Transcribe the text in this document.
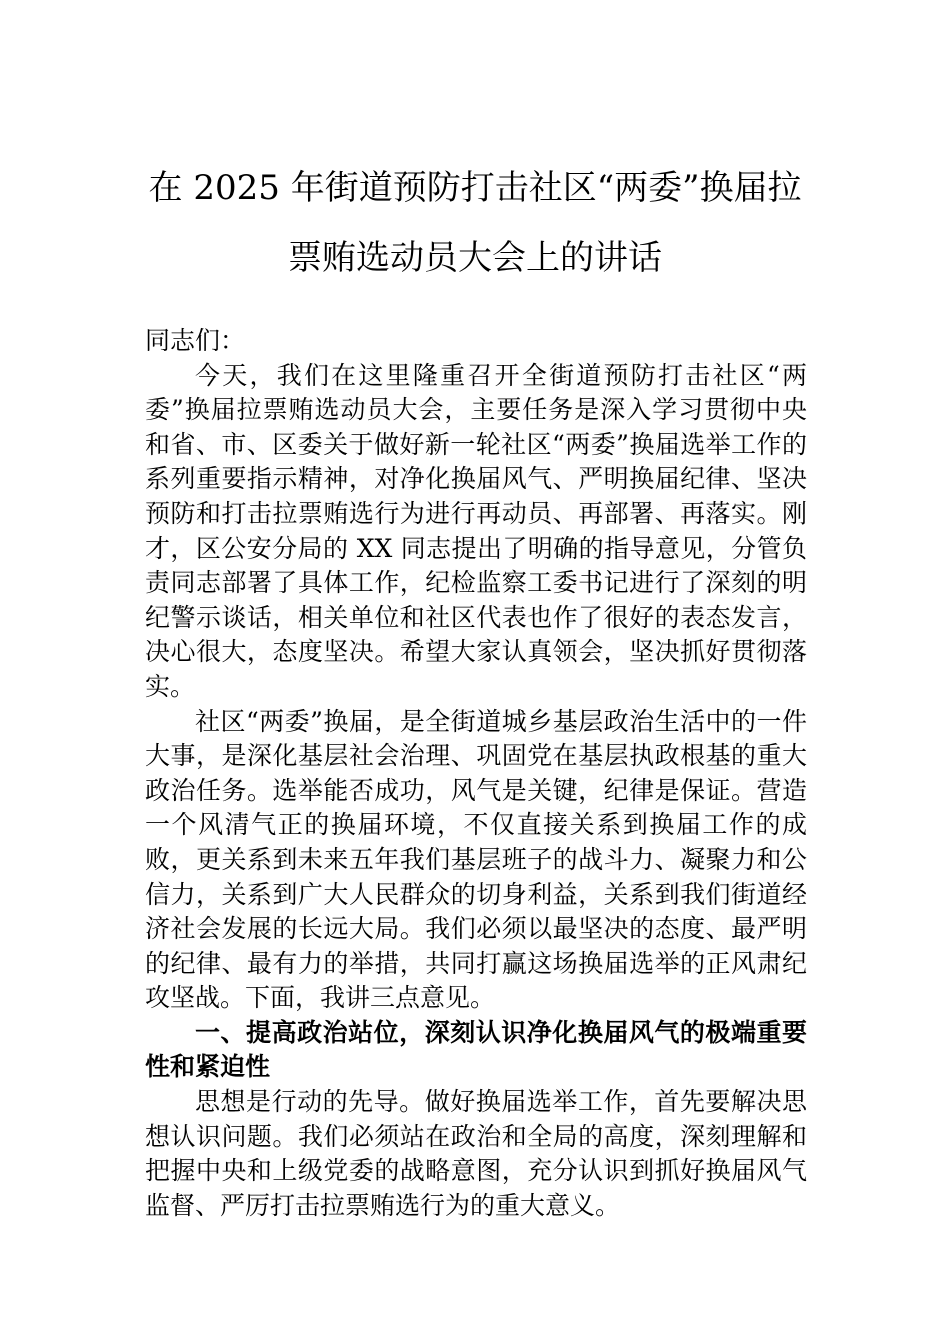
在 2025 年街道预防打击社区“两委”换届拉
票贿选动员大会上的讲话

同志们：

今天，我们在这里隆重召开全街道预防打击社区“两委”换届拉票贿选动员大会，主要任务是深入学习贯彻中央和省、市、区委关于做好新一轮社区“两委”换届选举工作的系列重要指示精神，对净化换届风气、严明换届纪律、坚决预防和打击拉票贿选行为进行再动员、再部署、再落实。刚才，区公安分局的 XX 同志提出了明确的指导意见，分管负责同志部署了具体工作，纪检监察工委书记进行了深刻的明纪警示谈话，相关单位和社区代表也作了很好的表态发言，决心很大，态度坚决。希望大家认真领会，坚决抓好贯彻落实。

社区“两委”换届，是全街道城乡基层政治生活中的一件大事，是深化基层社会治理、巩固党在基层执政根基的重大政治任务。选举能否成功，风气是关键，纪律是保证。营造一个风清气正的换届环境，不仅直接关系到换届工作的成败，更关系到未来五年我们基层班子的战斗力、凝聚力和公信力，关系到广大人民群众的切身利益，关系到我们街道经济社会发展的长远大局。我们必须以最坚决的态度、最严明的纪律、最有力的举措，共同打赢这场换届选举的正风肃纪攻坚战。下面，我讲三点意见。

一、提高政治站位，深刻认识净化换届风气的极端重要性和紧迫性

思想是行动的先导。做好换届选举工作，首先要解决思想认识问题。我们必须站在政治和全局的高度，深刻理解和把握中央和上级党委的战略意图，充分认识到抓好换届风气监督、严厉打击拉票贿选行为的重大意义。
